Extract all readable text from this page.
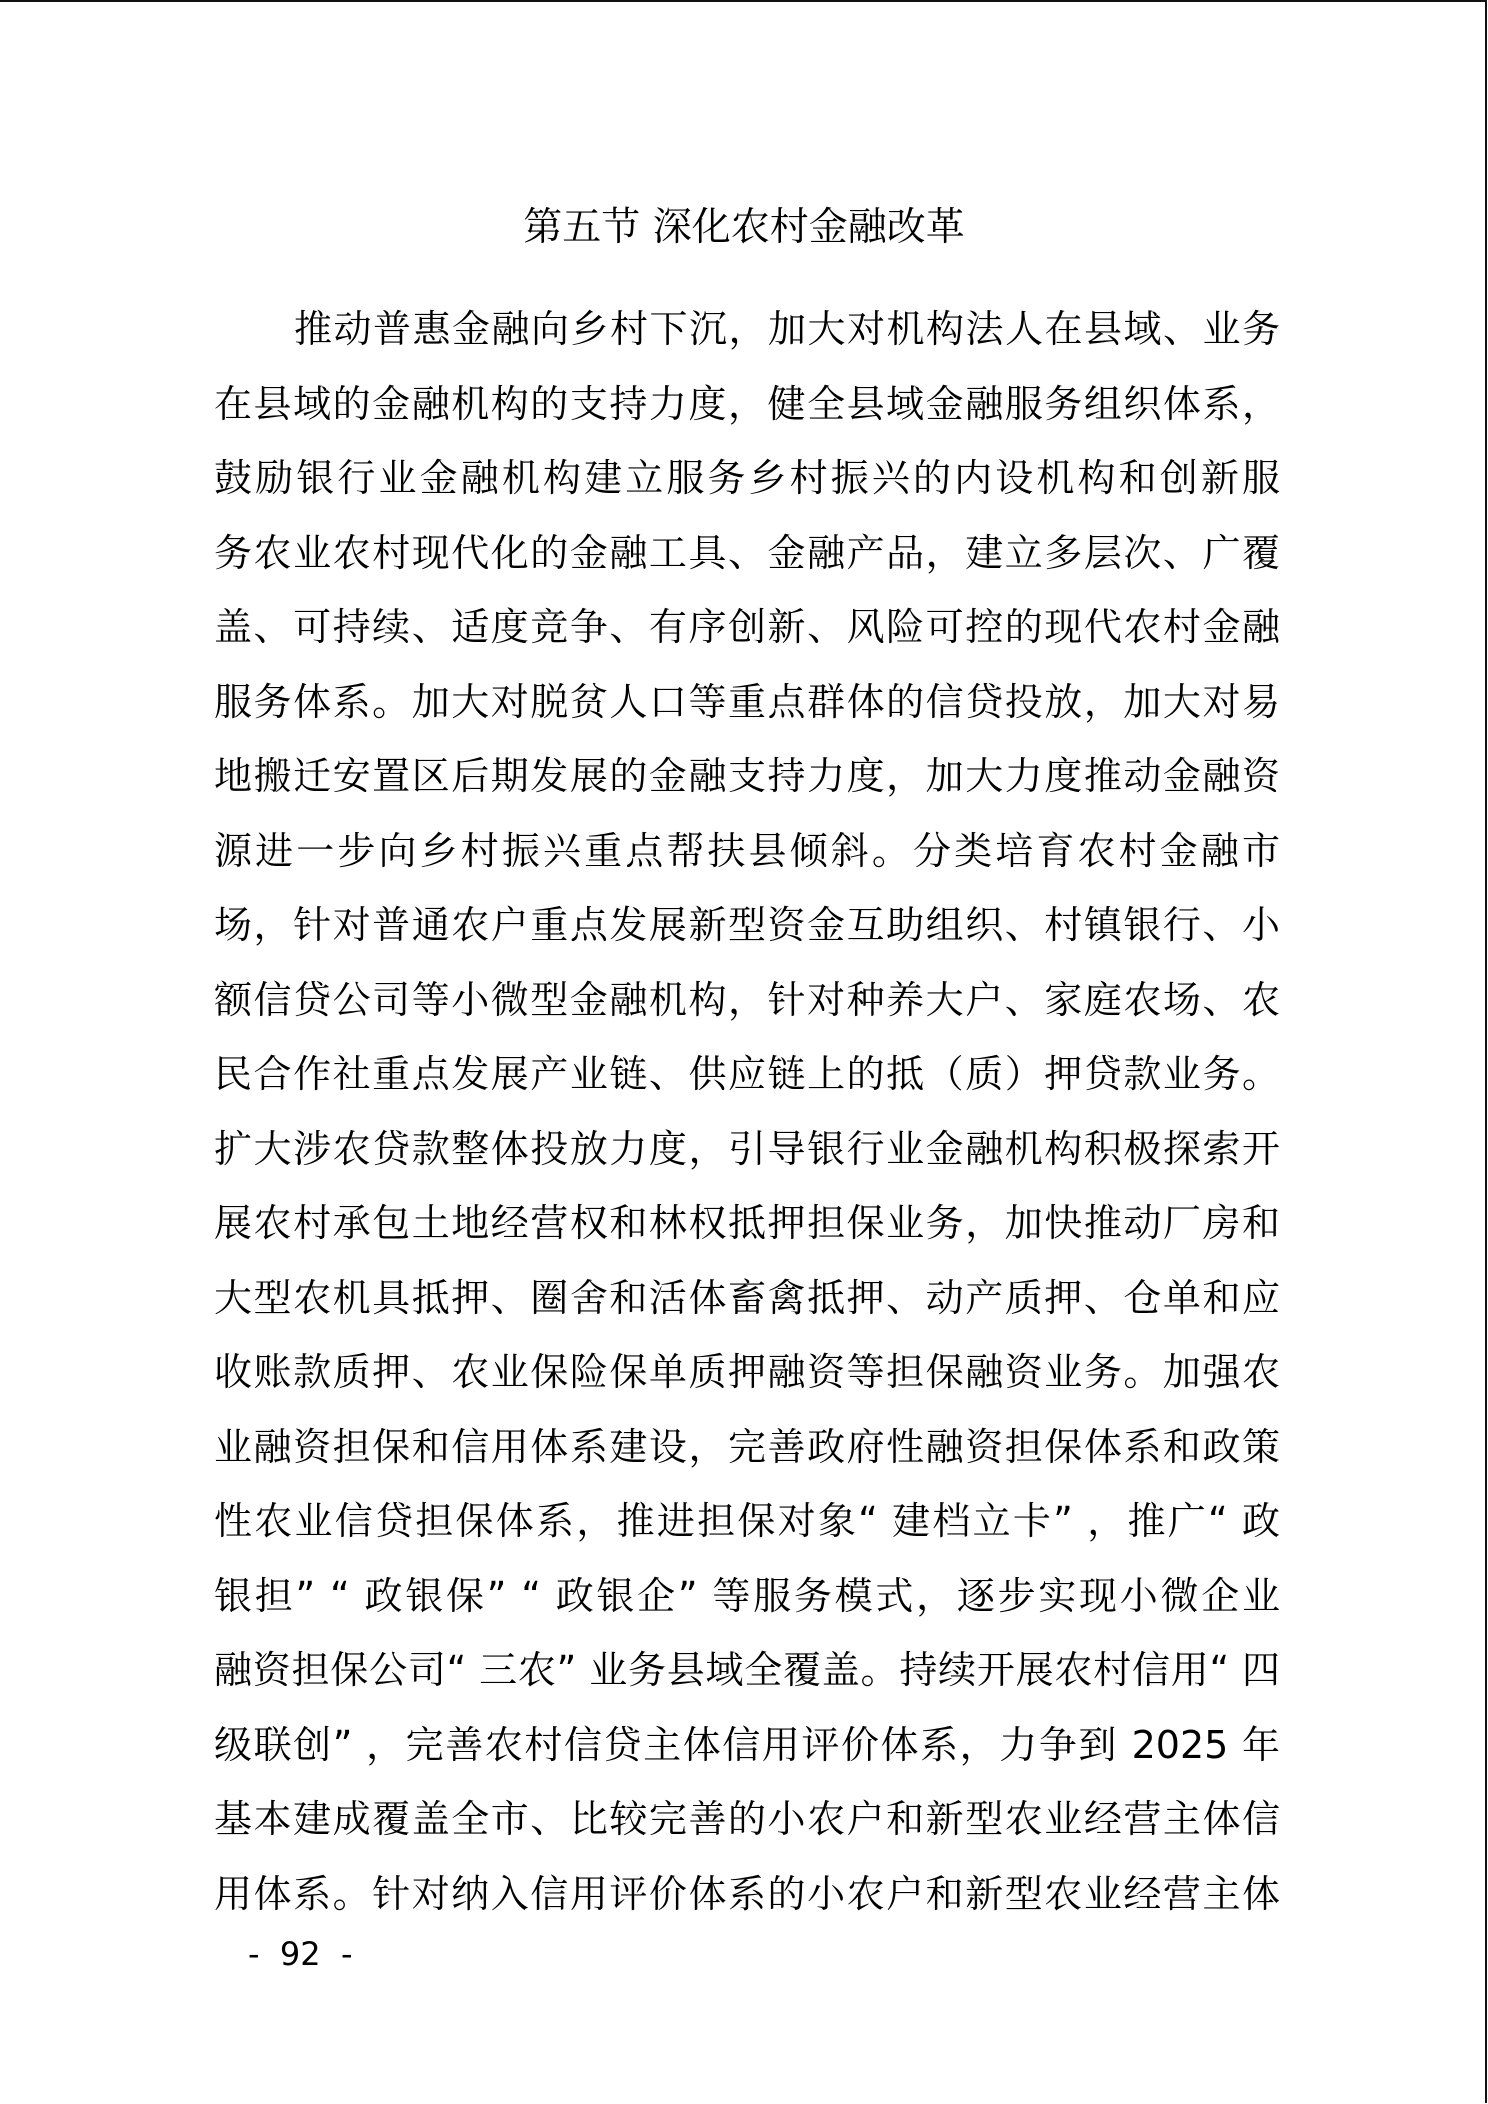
第五节 深化农村金融改革
推动普惠金融向乡村下沉，加大对机构法人在县域、业务
在县域的金融机构的支持力度，健全县域金融服务组织体系，
鼓励银行业金融机构建立服务乡村振兴的内设机构和创新服
务农业农村现代化的金融工具、金融产品，建立多层次、广覆
盖、可持续、适度竞争、有序创新、风险可控的现代农村金融
服务体系。加大对脱贫人口等重点群体的信贷投放，加大对易
地搬迁安置区后期发展的金融支持力度，加大力度推动金融资
源进一步向乡村振兴重点帮扶县倾斜。分类培育农村金融市
场，针对普通农户重点发展新型资金互助组织、村镇银行、小
额信贷公司等小微型金融机构，针对种养大户、家庭农场、农
民合作社重点发展产业链、供应链上的抵（质）押贷款业务。
扩大涉农贷款整体投放力度，引导银行业金融机构积极探索开
展农村承包土地经营权和林权抵押担保业务，加快推动厂房和
大型农机具抵押、圈舍和活体畜禽抵押、动产质押、仓单和应
收账款质押、农业保险保单质押融资等担保融资业务。加强农
业融资担保和信用体系建设，完善政府性融资担保体系和政策
性农业信贷担保体系，推进担保对象“ 建档立卡” ，推广“ 政
银担” “ 政银保” “ 政银企” 等服务模式，逐步实现小微企业
融资担保公司“ 三农” 业务县域全覆盖。持续开展农村信用“ 四
级联创” ，完善农村信贷主体信用评价体系，力争到 2025 年
基本建成覆盖全市、比较完善的小农户和新型农业经营主体信
用体系。针对纳入信用评价体系的小农户和新型农业经营主体
-  92  -
